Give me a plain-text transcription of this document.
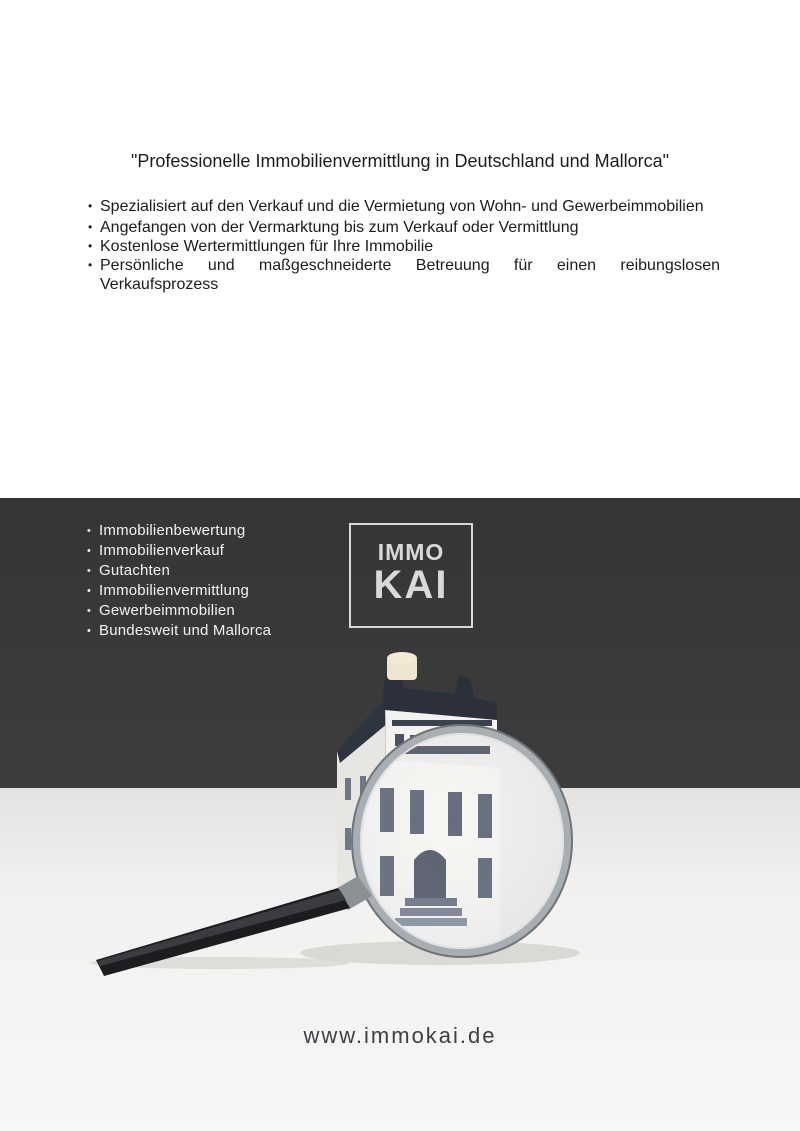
"Professionelle Immobilienvermittlung in Deutschland und Mallorca"
• Spezialisiert auf den Verkauf und die Vermietung von Wohn- und Gewerbeimmobilien
• Angefangen von der Vermarktung bis zum Verkauf oder Vermittlung
• Kostenlose Wertermittlungen für Ihre Immobilie
• Persönliche und maßgeschneiderte Betreuung für einen reibungslosen Verkaufsprozess
• Immobilienbewertung
• Immobilienverkauf
• Gutachten
• Immobilienvermittlung
• Gewerbeimmobilien
• Bundesweit und Mallorca
IMMO
KAI
www.immokai.de
